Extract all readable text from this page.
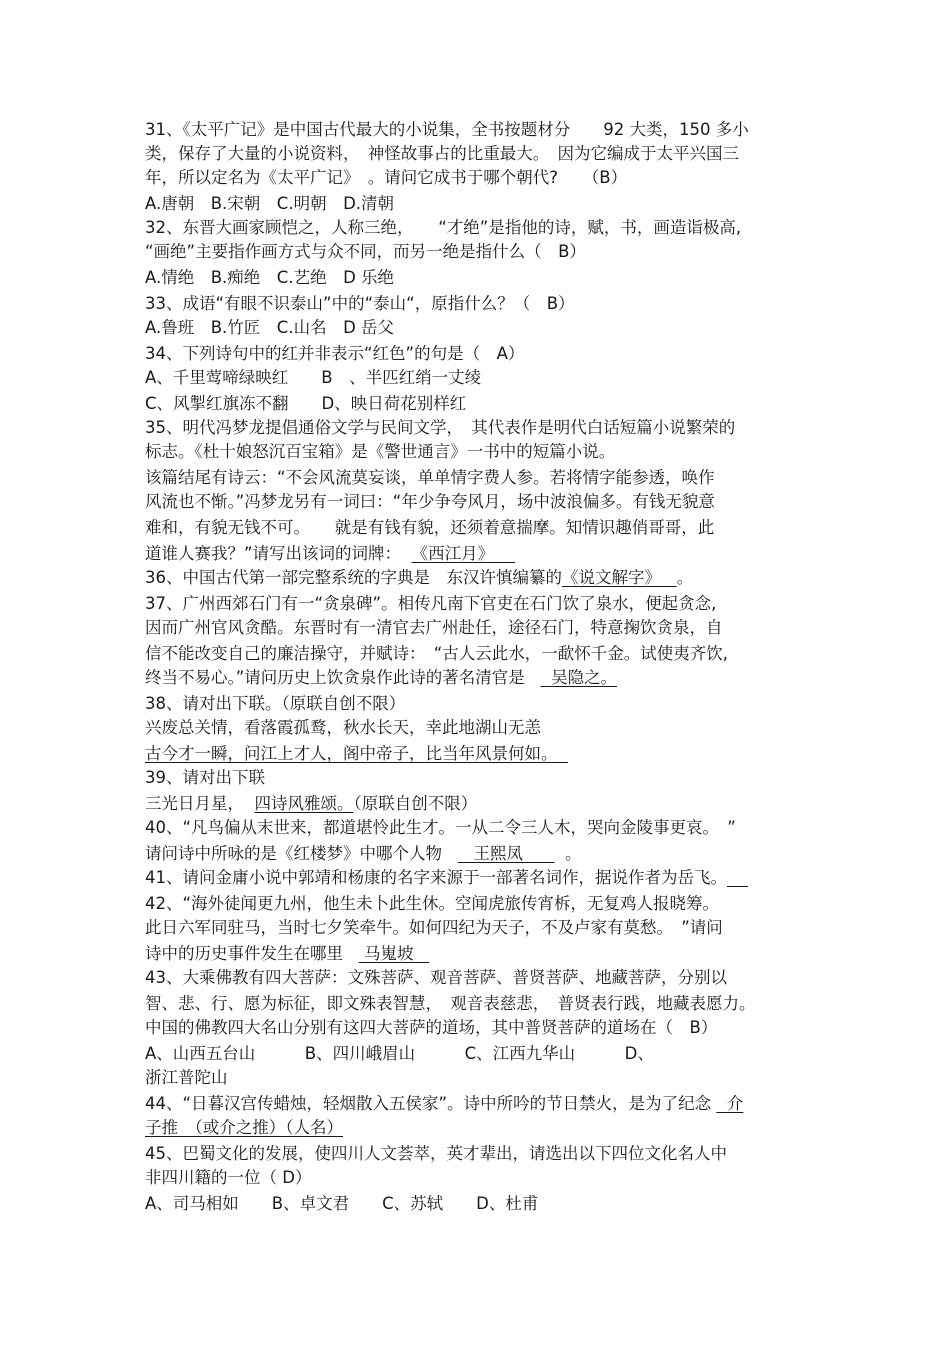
31、《太平广记》是中国古代最大的小说集，全书按题材分　　92 大类，150 多小
类，保存了大量的小说资料，　神怪故事占的比重最大。　因为它编成于太平兴国三
年，所以定名为《太平广记》　。请问它成书于哪个朝代?　　（B）
A.唐朝　B.宋朝　C.明朝　D.清朝
32、东晋大画家顾恺之，人称三绝，　　“才绝”是指他的诗，赋，书，画造诣极高,
“画绝”主要指作画方式与众不同，而另一绝是指什么（　B）
A.情绝　B.痴绝　C.艺绝　D 乐绝
33、成语“有眼不识泰山”中的“泰山“，原指什么？（　B）
A.鲁班　B.竹匠　C.山名　D 岳父
34、下列诗句中的红并非表示“红色”的句是（　A）
A、千里莺啼绿映红　　B　、半匹红绡一丈绫
C、风掣红旗冻不翻　　D、映日荷花别样红
35、明代冯梦龙提倡通俗文学与民间文学，　其代表作是明代白话短篇小说繁荣的
标志。《杜十娘怒沉百宝箱》是《警世通言》一书中的短篇小说。
该篇结尾有诗云：“不会风流莫妄谈，单单情字费人参。若将情字能参透，唤作
风流也不惭。”冯梦龙另有一词曰：“年少争夸风月，场中波浪偏多。有钱无貌意
难和，有貌无钱不可。　　就是有钱有貌，还须着意揣摩。知情识趣俏哥哥，此
道谁人赛我？”请写出该词的词牌： 《西江月》
36、中国古代第一部完整系统的字典是　东汉许慎编纂的《说文解字》 。
37、广州西郊石门有一“贪泉碑”。相传凡南下官吏在石门饮了泉水，便起贪念,
因而广州官风贪酷。东晋时有一清官去广州赴任，途径石门，特意掬饮贪泉，自
信不能改变自己的廉洁操守，并赋诗：　“古人云此水，一歃怀千金。试使夷齐饮,
终当不易心。”请问历史上饮贪泉作此诗的著名清官是 吴隐之。
38、请对出下联。（原联自创不限）
兴废总关情，看落霞孤鹜，秋水长天，幸此地湖山无恙
古今才一瞬，问江上才人，阁中帝子，比当年风景何如。
39、请对出下联
三光日月星， 四诗风雅颂。（原联自创不限）
40、“凡鸟偏从末世来，都道堪怜此生才。一从二令三人木，哭向金陵事更哀。　”
请问诗中所咏的是《红楼梦》中哪个人物 王熙凤	。
41、请问金庸小说中郭靖和杨康的名字来源于一部著名词作，据说作者为岳飞。
42、“海外徒闻更九州，他生未卜此生休。空闻虎旅传宵柝，无复鸡人报晓筹。
此日六军同驻马，当时七夕笑牵牛。如何四纪为天子，不及卢家有莫愁。　”请问
诗中的历史事件发生在哪里 马嵬坡
43、大乘佛教有四大菩萨：文殊菩萨、观音菩萨、普贤菩萨、地藏菩萨，分别以
智、悲、行、愿为标征，即文殊表智慧，　观音表慈悲，　普贤表行践，地藏表愿力。
中国的佛教四大名山分别有这四大菩萨的道场，其中普贤菩萨的道场在（　B）
A、山西五台山　　　B、四川峨眉山　　　C、江西九华山　　　D、
浙江普陀山
44、“日暮汉宫传蜡烛，轻烟散入五侯家”。诗中所吟的节日禁火，是为了纪念 介
子推　（或介之推）（人名）
45、巴蜀文化的发展，使四川人文荟萃，英才辈出，请选出以下四位文化名人中
非四川籍的一位（ D）
A、司马相如　　B、卓文君　　C、苏轼　　D、杜甫
